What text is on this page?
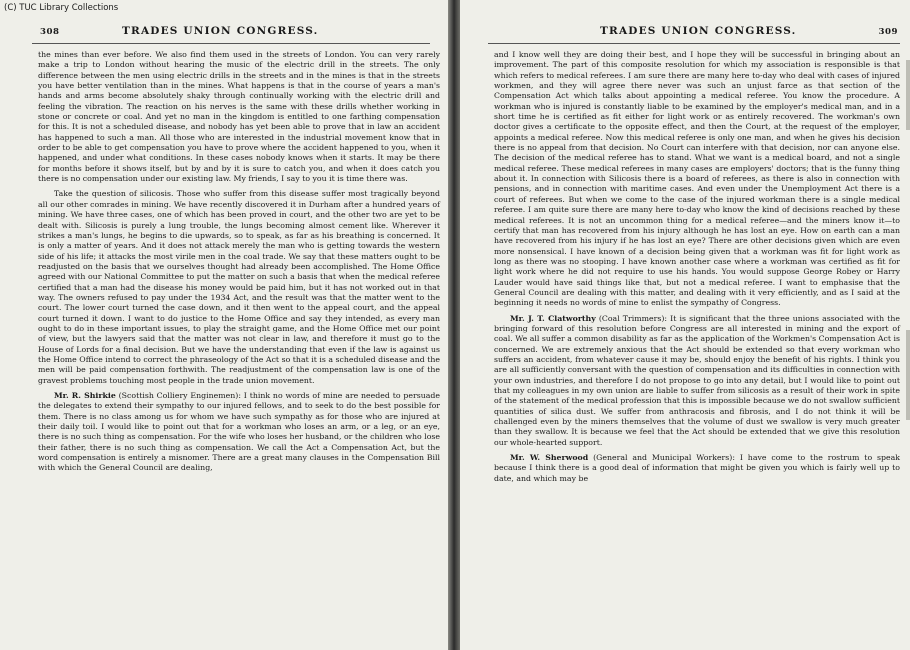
308	TRADES UNION CONGRESS.

the mines than ever before. We also find them used in the streets of London. You can very rarely make a trip to London without hearing the music of the electric drill in the streets. The only difference between the men using electric drills in the streets and in the mines is that in the streets you have better ventilation than in the mines. What happens is that in the course of years a man's hands and arms become absolutely shaky through continually working with the electric drill and feeling the vibration. The reaction on his nerves is the same with these drills whether working in stone or concrete or coal. And yet no man in the kingdom is entitled to one farthing compensation for this. It is not a scheduled disease, and nobody has yet been able to prove that in law an accident has happened to such a man. All those who are interested in the industrial movement know that in order to be able to get compensation you have to prove where the accident happened to you, when it happened, and under what conditions. In these cases nobody knows when it starts. It may be there for months before it shows itself, but by and by it is sure to catch you, and when it does catch you there is no compensation under our existing law. My friends, I say to you it is time there was.

Take the question of silicosis. Those who suffer from this disease suffer most tragically beyond all our other comrades in mining. We have recently discovered it in Durham after a hundred years of mining. We have three cases, one of which has been proved in court, and the other two are yet to be dealt with. Silicosis is purely a lung trouble, the lungs becoming almost cement like. Wherever it strikes a man's lungs, he begins to die upwards, so to speak, as far as his breathing is concerned. It is only a matter of years. And it does not attack merely the man who is getting towards the western side of his life; it attacks the most virile men in the coal trade. We say that these matters ought to be readjusted on the basis that we ourselves thought had already been accomplished. The Home Office agreed with our National Committee to put the matter on such a basis that when the medical referee certified that a man had the disease his money would be paid him, but it has not worked out in that way. The owners refused to pay under the 1934 Act, and the result was that the matter went to the court. The lower court turned the case down, and it then went to the appeal court, and the appeal court turned it down. I want to do justice to the Home Office and say they intended, as every man ought to do in these important issues, to play the straight game, and the Home Office met our point of view, but the lawyers said that the matter was not clear in law, and therefore it must go to the House of Lords for a final decision. But we have the understanding that even if the law is against us the Home Office intend to correct the phraseology of the Act so that it is a scheduled disease and the men will be paid compensation forthwith. The readjustment of the compensation law is one of the gravest problems touching most people in the trade union movement.

Mr. R. Shirkie (Scottish Colliery Enginemen): I think no words of mine are needed to persuade the delegates to extend their sympathy to our injured fellows, and to seek to do the best possible for them. There is no class among us for whom we have such sympathy as for those who are injured at their daily toil. I would like to point out that for a workman who loses an arm, or a leg, or an eye, there is no such thing as compensation. For the wife who loses her husband, or the children who lose their father, there is no such thing as compensation. We call the Act a Compensation Act, but the word compensation is entirely a misnomer. There are a great many clauses in the Compensation Bill with which the General Council are dealing,

TRADES UNION CONGRESS.	309

and I know well they are doing their best, and I hope they will be successful in bringing about an improvement. The part of this composite resolution for which my association is responsible is that which refers to medical referees. I am sure there are many here to-day who deal with cases of injured workmen, and they will agree there never was such an unjust farce as that section of the Compensation Act which talks about appointing a medical referee. You know the procedure. A workman who is injured is constantly liable to be examined by the employer's medical man, and in a short time he is certified as fit either for light work or as entirely recovered. The workman's own doctor gives a certificate to the opposite effect, and then the Court, at the request of the employer, appoints a medical referee. Now this medical referee is only one man, and when he gives his decision there is no appeal from that decision. No Court can interfere with that decision, nor can anyone else. The decision of the medical referee has to stand. What we want is a medical board, and not a single medical referee. These medical referees in many cases are employers' doctors; that is the funny thing about it. In connection with Silicosis there is a board of referees, as there is also in connection with pensions, and in connection with maritime cases. And even under the Unemployment Act there is a court of referees. But when we come to the case of the injured workman there is a single medical referee. I am quite sure there are many here to-day who know the kind of decisions reached by these medical referees. It is not an uncommon thing for a medical referee—and the miners know it—to certify that man has recovered from his injury although he has lost an eye. How on earth can a man have recovered from his injury if he has lost an eye? There are other decisions given which are even more nonsensical. I have known of a decision being given that a workman was fit for light work as long as there was no stooping. I have known another case where a workman was certified as fit for light work where he did not require to use his hands. You would suppose George Robey or Harry Lauder would have said things like that, but not a medical referee. I want to emphasise that the General Council are dealing with this matter, and dealing with it very efficiently, and as I said at the beginning it needs no words of mine to enlist the sympathy of Congress.

Mr. J. T. Clatworthy (Coal Trimmers): It is significant that the three unions associated with the bringing forward of this resolution before Congress are all interested in mining and the export of coal. We all suffer a common disability as far as the application of the Workmen's Compensation Act is concerned. We are extremely anxious that the Act should be extended so that every workman who suffers an accident, from whatever cause it may be, should enjoy the benefit of his rights. I think you are all sufficiently conversant with the question of compensation and its difficulties in connection with your own industries, and therefore I do not propose to go into any detail, but I would like to point out that my colleagues in my own union are liable to suffer from silicosis as a result of their work in spite of the statement of the medical profession that this is impossible because we do not swallow sufficient quantities of silica dust. We suffer from anthracosis and fibrosis, and I do not think it will be challenged even by the miners themselves that the volume of dust we swallow is very much greater than they swallow. It is because we feel that the Act should be extended that we give this resolution our whole-hearted support.

Mr. W. Sherwood (General and Municipal Workers): I have come to the rostrum to speak because I think there is a good deal of information that might be given you which is fairly well up to date, and which may be

(C) TUC Library Collections
